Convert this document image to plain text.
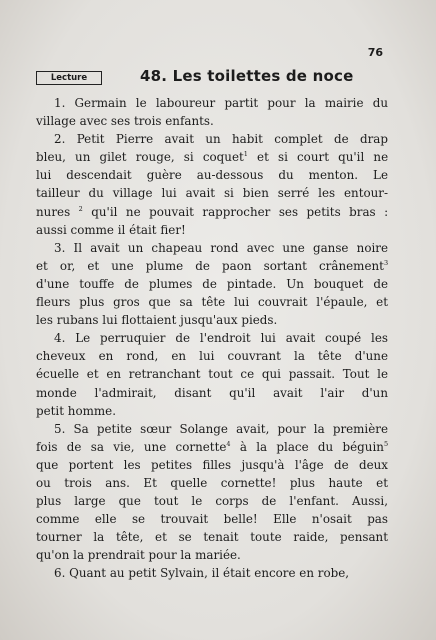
76
Lecture	48. Les toilettes de noce
1. Germain le laboureur partit pour la mairie du
village avec ses trois enfants.
2. Petit Pierre avait un habit complet de drap
bleu, un gilet rouge, si coquet$^1$ et si court qu'il ne
lui descendait guère au-dessous du menton. Le
tailleur du village lui avait si bien serré les entour-
nures $^2$ qu'il ne pouvait rapprocher ses petits bras :
aussi comme il était fier!
3. Il avait un chapeau rond avec une ganse noire
et or, et une plume de paon sortant crânement$^3$
d'une touffe de plumes de pintade. Un bouquet de
fleurs plus gros que sa tête lui couvrait l'épaule, et
les rubans lui flottaient jusqu'aux pieds.
4. Le perruquier de l'endroit lui avait coupé les
cheveux en rond, en lui couvrant la tête d'une
écuelle et en retranchant tout ce qui passait. Tout le
monde l'admirait, disant qu'il avait l'air d'un
petit homme.
5. Sa petite sœur Solange avait, pour la première
fois de sa vie, une cornette$^4$ à la place du béguin$^5$
que portent les petites filles jusqu'à l'âge de deux
ou trois ans. Et quelle cornette! plus haute et
plus large que tout le corps de l'enfant. Aussi,
comme elle se trouvait belle! Elle n'osait pas
tourner la tête, et se tenait toute raide, pensant
qu'on la prendrait pour la mariée.
6. Quant au petit Sylvain, il était encore en robe,
